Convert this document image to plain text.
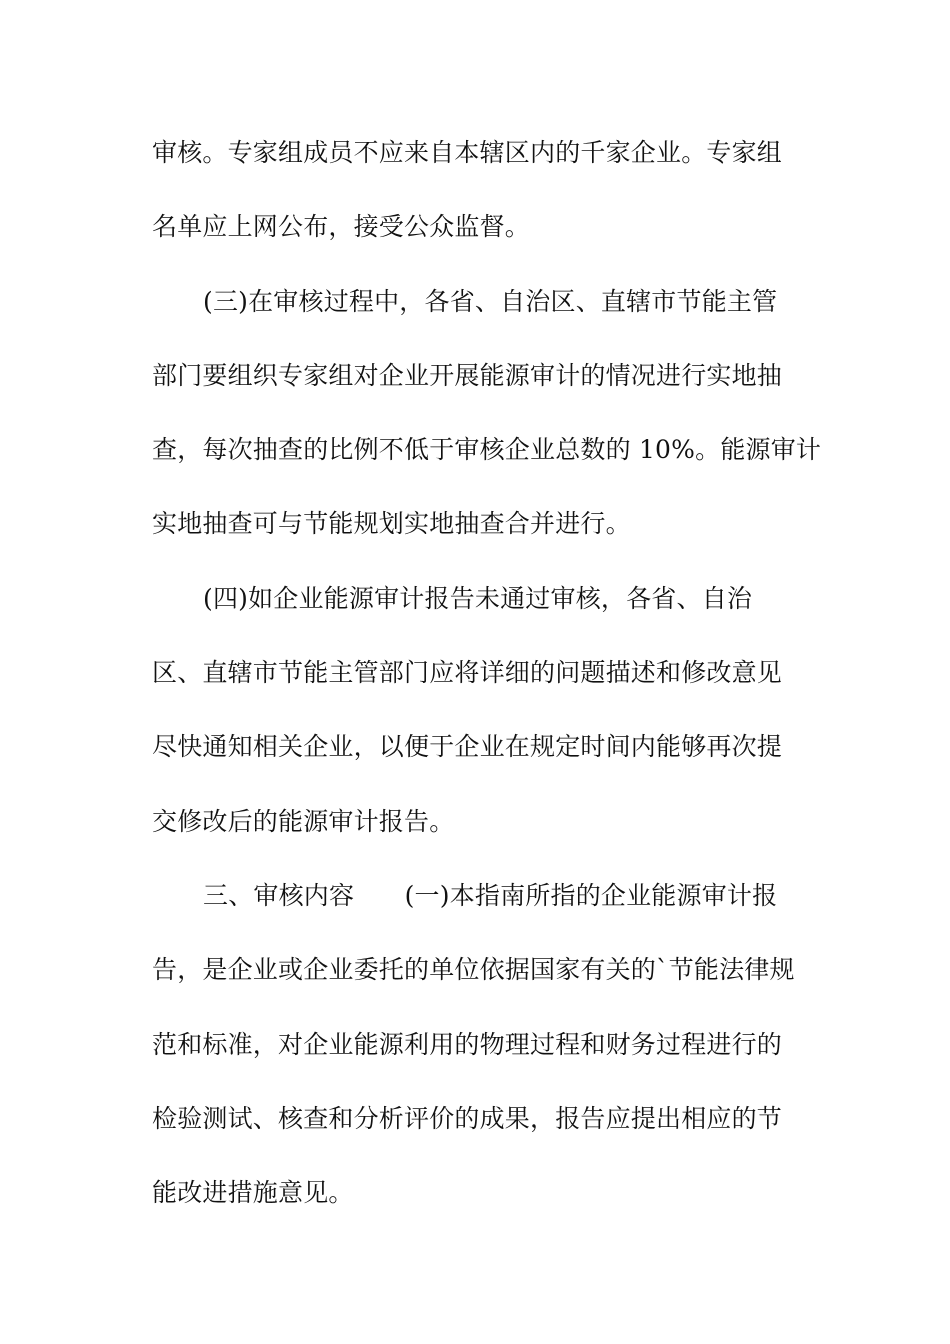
审核。专家组成员不应来自本辖区内的千家企业。专家组
名单应上网公布，接受公众监督。
(三)在审核过程中，各省、自治区、直辖市节能主管
部门要组织专家组对企业开展能源审计的情况进行实地抽
查，每次抽查的比例不低于审核企业总数的 10%。能源审计
实地抽查可与节能规划实地抽查合并进行。
(四)如企业能源审计报告未通过审核，各省、自治
区、直辖市节能主管部门应将详细的问题描述和修改意见
尽快通知相关企业，以便于企业在规定时间内能够再次提
交修改后的能源审计报告。
三、审核内容　　(一)本指南所指的企业能源审计报
告，是企业或企业委托的单位依据国家有关的`节能法律规
范和标准，对企业能源利用的物理过程和财务过程进行的
检验测试、核查和分析评价的成果，报告应提出相应的节
能改进措施意见。
